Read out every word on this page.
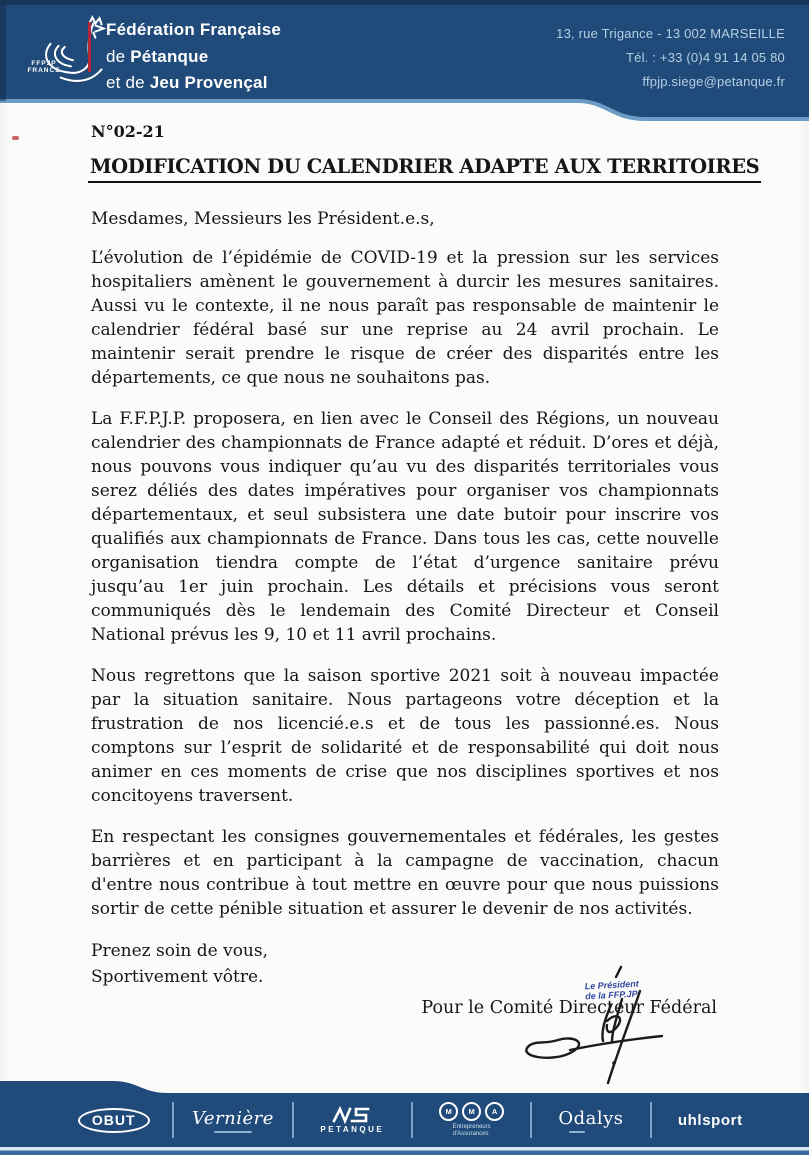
FFPJP
FRANCE
Fédération Française
de Pétanque
et de Jeu Provençal
13, rue Trigance - 13 002 MARSEILLE
Tél. : +33 (0)4 91 14 05 80
ffpjp.siege@petanque.fr

N°02-21

MODIFICATION DU CALENDRIER ADAPTE AUX TERRITOIRES

Mesdames, Messieurs les Président.e.s,

L’évolution de l’épidémie de COVID-19 et la pression sur les services hospitaliers amènent le gouvernement à durcir les mesures sanitaires. Aussi vu le contexte, il ne nous paraît pas responsable de maintenir le calendrier fédéral basé sur une reprise au 24 avril prochain. Le maintenir serait prendre le risque de créer des disparités entre les départements, ce que nous ne souhaitons pas.

La F.F.P.J.P. proposera, en lien avec le Conseil des Régions, un nouveau calendrier des championnats de France adapté et réduit. D’ores et déjà, nous pouvons vous indiquer qu’au vu des disparités territoriales vous serez déliés des dates impératives pour organiser vos championnats départementaux, et seul subsistera une date butoir pour inscrire vos qualifiés aux championnats de France. Dans tous les cas, cette nouvelle organisation tiendra compte de l’état d’urgence sanitaire prévu jusqu’au 1er juin prochain. Les détails et précisions vous seront communiqués dès le lendemain des Comité Directeur et Conseil National prévus les 9, 10 et 11 avril prochains.

Nous regrettons que la saison sportive 2021 soit à nouveau impactée par la situation sanitaire. Nous partageons votre déception et la frustration de nos licencié.e.s et de tous les passionné.es. Nous comptons sur l’esprit de solidarité et de responsabilité qui doit nous animer en ces moments de crise que nos disciplines sportives et nos concitoyens traversent.

En respectant les consignes gouvernementales et fédérales, les gestes barrières et en participant à la campagne de vaccination, chacun d'entre nous contribue à tout mettre en œuvre pour que nous puissions sortir de cette pénible situation et assurer le devenir de nos activités.

Prenez soin de vous,
Sportivement vôtre.

Pour le Comité Directeur Fédéral

Le Président
de la FFP.JP
OBUT	Vernière
PETANQUE
M	M	A
Entrepreneurs
d'Assurances
Odalys	uhlsport
